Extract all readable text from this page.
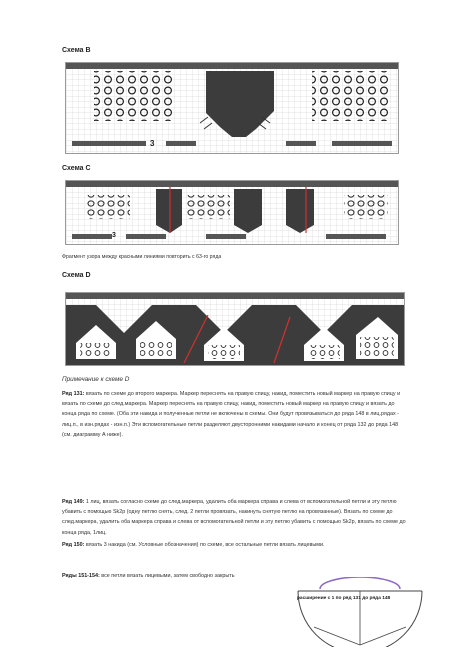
Схема В
3
Схема С
3
Фрагмент узора между красными линиями повторить с 63-го ряда
Схема D
Примечание к схеме D
Ряд 131: вязать по схеме до второго маркера. Маркер переснять на правую спицу, накид, поместить новый маркер на правую спицу и вязать по схеме до след.маркера. Маркер переснять на правую спицу, накид, поместить новый маркер на правую спицу и вязать до конца ряда по схеме. (Оба эти накида и полученные петли не включены в схемы. Они будут провязываться до ряда 148 в лиц.рядах - лиц.п., в изн.рядах - изн.п.) Эти вспомогательные петли разделяют двусторонними накидами начало и конец от ряда 132 до ряда 148 (см. диаграмму А ниже).
Ряд 149: 1 лиц, вязать согласно схеме до след.маркера, удалить оба маркера справа и слева от вспомогательной петли и эту петлю убавить с помощью Sk2p (одну петлю снять, след. 2 петли провязать, накинуть снятую петлю на провязанные). Вязать по схеме до след.маркера, удалить оба маркера справа и слева от вспомогательной петли и эту петлю убавить с помощью Sk2p, вязать по схеме до конца ряда, 1лиц.
Ряд 150: вязать 3 накида (см. Условные обозначения) по схеме, все остальные петли вязать лицевыми.
Ряды 151-154: все петли вязать лицевыми, затем свободно закрыть
расширение с 1 по ряд 131 до ряда 148
